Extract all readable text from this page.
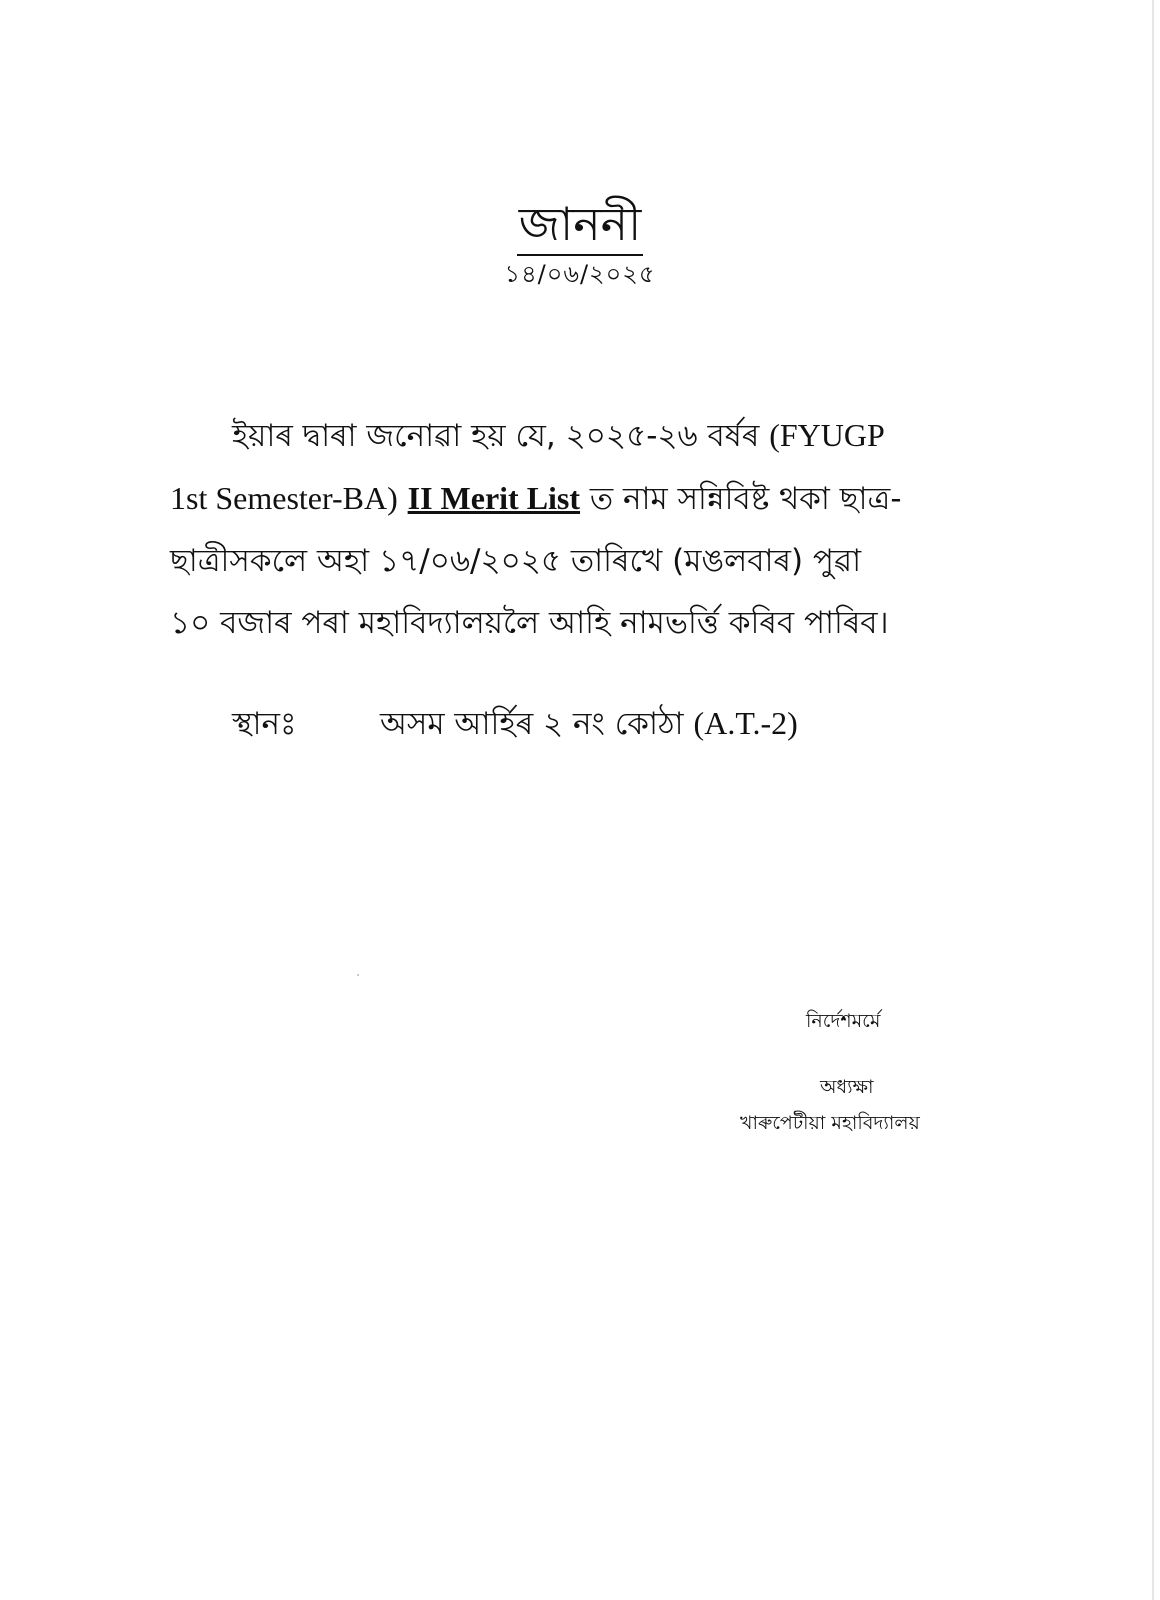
জাননী
১৪/০৬/২০২৫
ইয়াৰ দ্বাৰা জনোৱা হয় যে, ২০২৫-২৬ বৰ্ষৰ (FYUGP
1st Semester-BA) II Merit List ত নাম সন্নিবিষ্ট থকা ছাত্ৰ-
ছাত্ৰীসকলে অহা ১৭/০৬/২০২৫ তাৰিখে (মঙলবাৰ) পুৱা
১০ বজাৰ পৰা মহাবিদ্যালয়লৈ আহি নামভৰ্ত্তি কৰিব পাৰিব।
স্থানঃ	অসম আৰ্হিৰ ২ নং কোঠা (A.T.-2)
নিৰ্দেশমৰ্মে
অধ্যক্ষা
খাৰুপেটীয়া মহাবিদ্যালয়
